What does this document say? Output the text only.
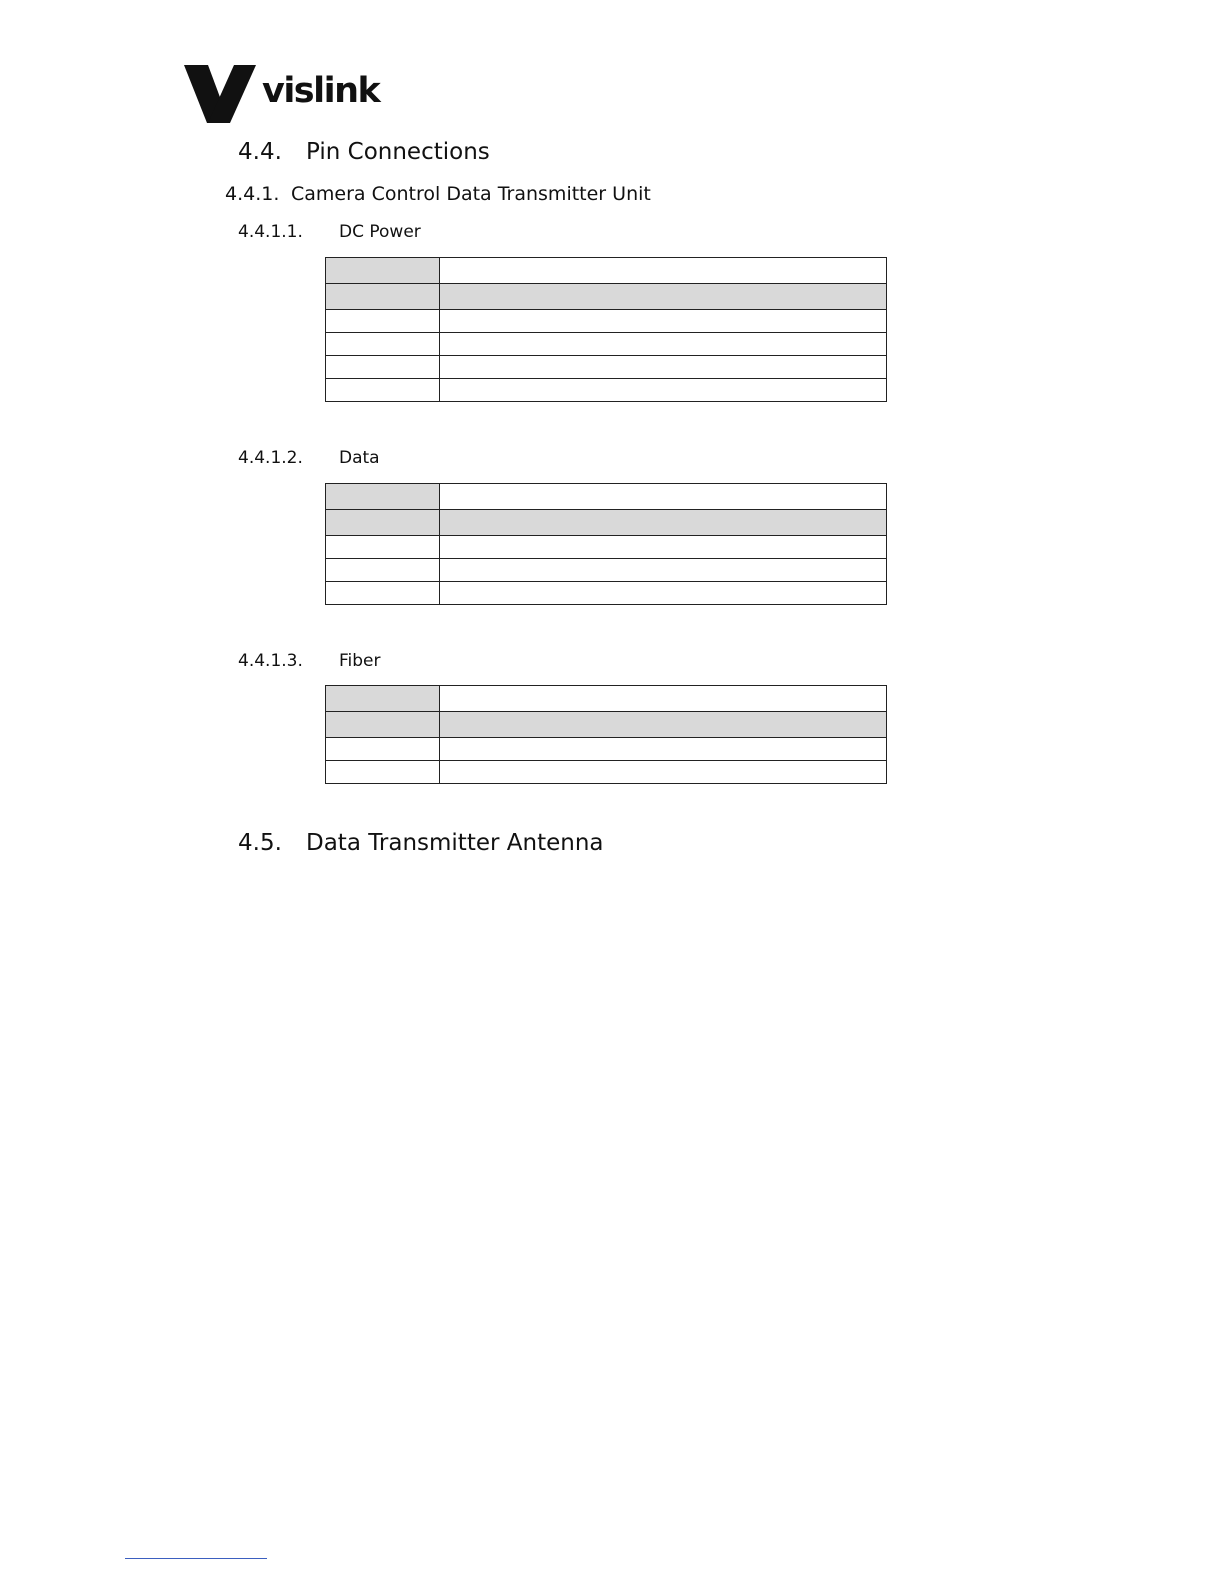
vislink
4.4. Pin Connections
4.4.1. Camera Control Data Transmitter Unit
4.4.1.1. DC Power

4.4.1.2. Data

4.4.1.3. Fiber

4.5. Data Transmitter Antenna
